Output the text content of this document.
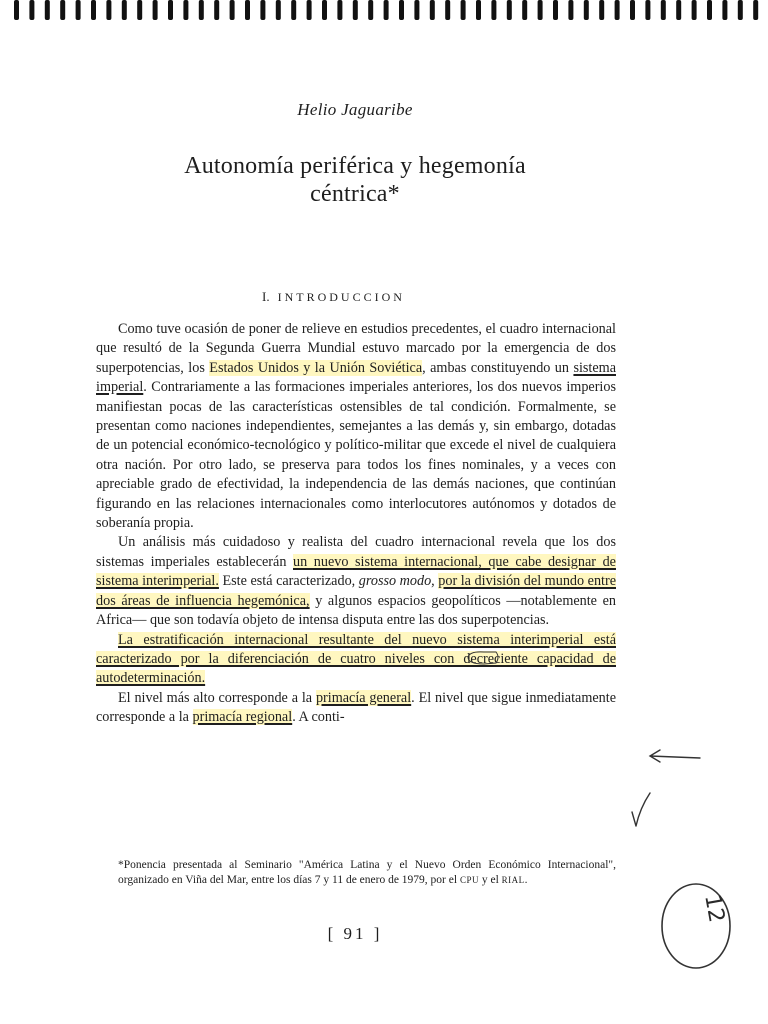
Helio Jaguaribe
Autonomía periférica y hegemonía
céntrica*
I. INTRODUCCION

Como tuve ocasión de poner de relieve en estudios precedentes, el cuadro internacional que resultó de la Segunda Guerra Mundial estuvo marcado por la emergencia de dos superpotencias, los Estados Unidos y la Unión Soviética, ambas constituyendo un sistema imperial. Contrariamente a las formaciones imperiales anteriores, los dos nuevos imperios manifiestan pocas de las características ostensibles de tal condición. Formalmente, se presentan como naciones independientes, semejantes a las demás y, sin embargo, dotadas de un potencial económico-tecnológico y político-militar que excede el nivel de cualquiera otra nación. Por otro lado, se preserva para todos los fines nominales, y a veces con apreciable grado de efectividad, la independencia de las demás naciones, que continúan figurando en las relaciones internacionales como interlocutores autónomos y dotados de soberanía propia.

Un análisis más cuidadoso y realista del cuadro internacional revela que los dos sistemas imperiales establecerán un nuevo sistema internacional, que cabe designar de sistema interimperial. Este está caracterizado, grosso modo, por la división del mundo entre dos áreas de influencia hegemónica, y algunos espacios geopolíticos —notablemente en Africa— que son todavía objeto de intensa disputa entre las dos superpotencias.

La estratificación internacional resultante del nuevo sistema interimperial está caracterizado por la diferenciación de cuatro niveles con decreciente capacidad de autodeterminación.

El nivel más alto corresponde a la primacía general. El nivel que sigue inmediatamente corresponde a la primacía regional. A conti-

*Ponencia presentada al Seminario "América Latina y el Nuevo Orden Económico Internacional", organizado en Viña del Mar, entre los días 7 y 11 de enero de 1979, por el CPU y el RIAL.
[ 91 ]
12
